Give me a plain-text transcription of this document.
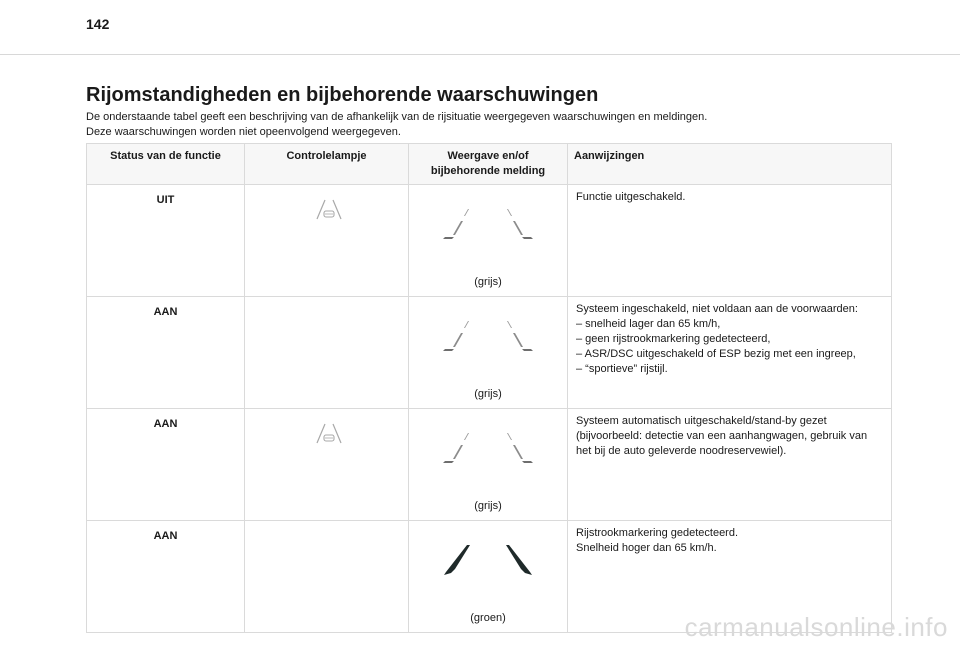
142
Rijomstandigheden en bijbehorende waarschuwingen

De onderstaande tabel geeft een beschrijving van de afhankelijk van de rijsituatie weergegeven waarschuwingen en meldingen.

Deze waarschuwingen worden niet opeenvolgend weergegeven.

Status van de functie	Controlelampje	Weergave en/of
bijbehorende melding	Aanwijzingen
UIT		(grijs)	Functie uitgeschakeld.

AAN		(grijs)	Systeem ingeschakeld, niet voldaan aan de voorwaarden:

– snelheid lager dan 65 km/h,

– geen rijstrookmarkering gedetecteerd,

– ASR/DSC uitgeschakeld of ESP bezig met een ingreep,

– “sportieve” rijstijl.

AAN		(grijs)	Systeem automatisch uitgeschakeld/stand-by gezet

(bijvoorbeeld: detectie van een aanhangwagen, gebruik van

het bij de auto geleverde noodreservewiel).

AAN		(groen)	Rijstrookmarkering gedetecteerd.

Snelheid hoger dan 65 km/h.

carmanualsonline.info
